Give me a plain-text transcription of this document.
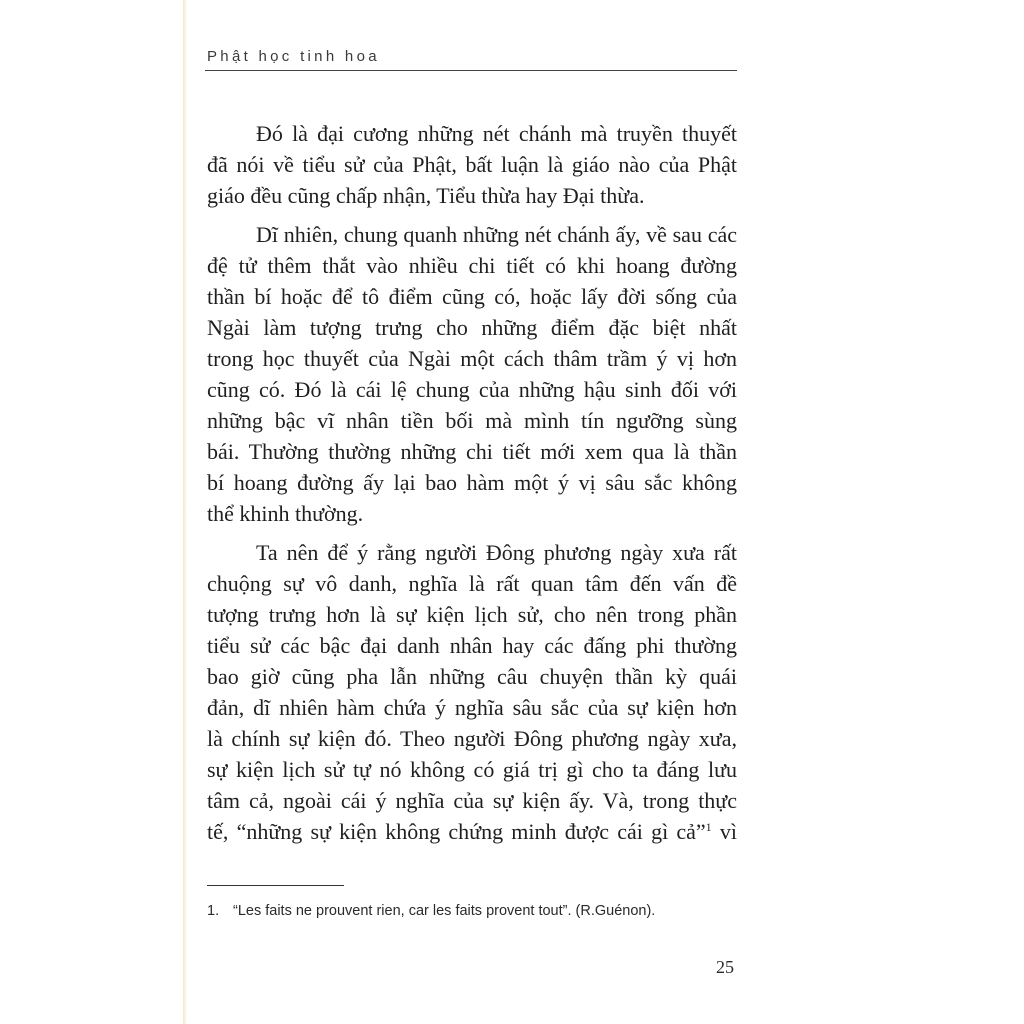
Phật học tinh hoa

Đó là đại cương những nét chánh mà truyền thuyết
đã nói về tiểu sử của Phật, bất luận là giáo nào của Phật
giáo đều cũng chấp nhận, Tiểu thừa hay Đại thừa.

Dĩ nhiên, chung quanh những nét chánh ấy, về sau các
đệ tử thêm thắt vào nhiều chi tiết có khi hoang đường
thần bí hoặc để tô điểm cũng có, hoặc lấy đời sống của
Ngài làm tượng trưng cho những điểm đặc biệt nhất
trong học thuyết của Ngài một cách thâm trầm ý vị hơn
cũng có. Đó là cái lệ chung của những hậu sinh đối với
những bậc vĩ nhân tiền bối mà mình tín ngưỡng sùng
bái. Thường thường những chi tiết mới xem qua là thần
bí hoang đường ấy lại bao hàm một ý vị sâu sắc không
thể khinh thường.

Ta nên để ý rằng người Đông phương ngày xưa rất
chuộng sự vô danh, nghĩa là rất quan tâm đến vấn đề
tượng trưng hơn là sự kiện lịch sử, cho nên trong phần
tiểu sử các bậc đại danh nhân hay các đấng phi thường
bao giờ cũng pha lẫn những câu chuyện thần kỳ quái
đản, dĩ nhiên hàm chứa ý nghĩa sâu sắc của sự kiện hơn
là chính sự kiện đó. Theo người Đông phương ngày xưa,
sự kiện lịch sử tự nó không có giá trị gì cho ta đáng lưu
tâm cả, ngoài cái ý nghĩa của sự kiện ấy. Và, trong thực
tế, “những sự kiện không chứng minh được cái gì cả”$^1$ vì

1. “Les faits ne prouvent rien, car les faits provent tout”. (R.Guénon).
25
